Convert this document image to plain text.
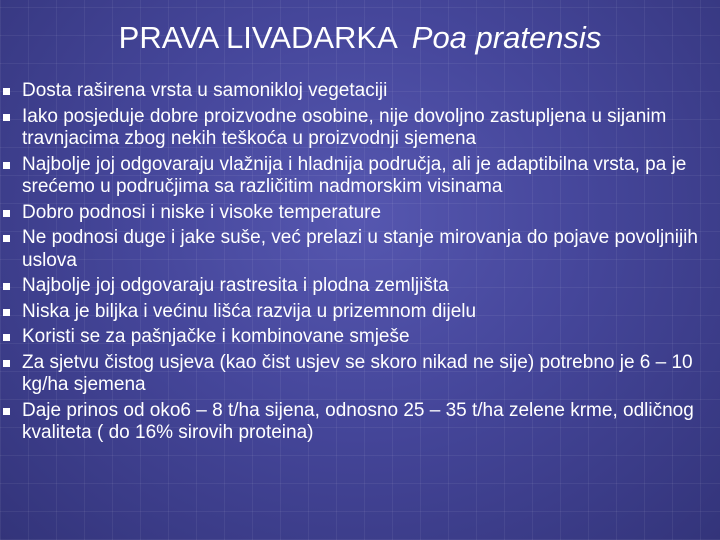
PRAVA LIVADARKA Poa pratensis
Dosta raširena vrsta u samonikloj vegetaciji
Iako posjeduje dobre proizvodne osobine, nije dovoljno zastupljena u sijanim travnjacima zbog nekih teškoća u proizvodnji sjemena
Najbolje joj odgovaraju vlažnija i hladnija područja, ali je adaptibilna vrsta, pa je srećemo u područjima sa različitim nadmorskim visinama
Dobro podnosi i niske i visoke temperature
Ne podnosi duge i jake suše, već prelazi u stanje mirovanja do pojave povoljnijih uslova
Najbolje joj odgovaraju rastresita i plodna zemljišta
Niska je biljka i većinu lišća razvija u prizemnom dijelu
Koristi se za pašnjačke i kombinovane smješe
Za sjetvu čistog usjeva (kao čist usjev se skoro nikad ne sije) potrebno je 6 – 10 kg/ha sjemena
Daje prinos od oko6 – 8 t/ha sijena, odnosno 25 – 35 t/ha zelene krme, odličnog kvaliteta ( do 16% sirovih proteina)
